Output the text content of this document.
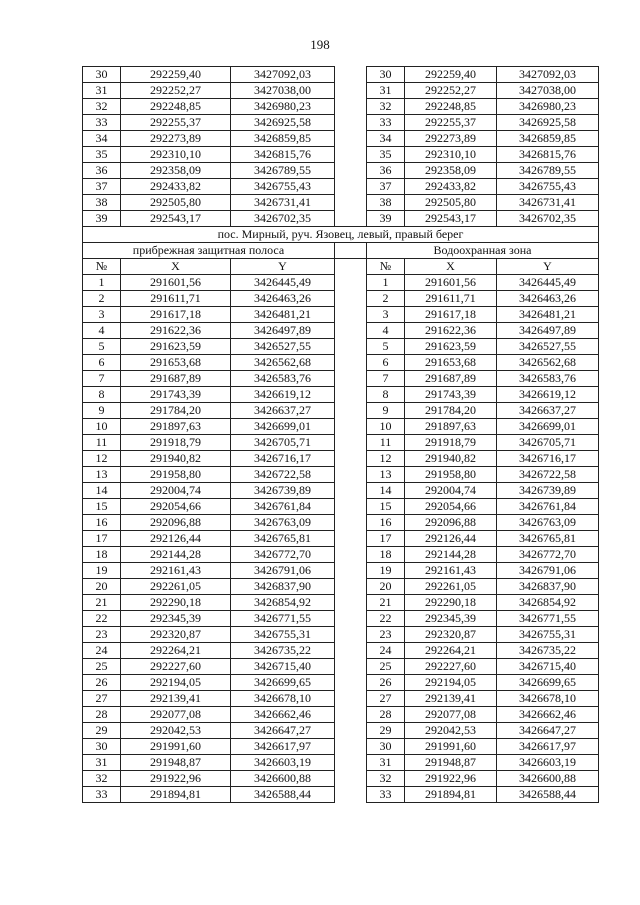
198
30	292259,40	3427092,03		30	292259,40	3427092,03
31	292252,27	3427038,00		31	292252,27	3427038,00
32	292248,85	3426980,23		32	292248,85	3426980,23
33	292255,37	3426925,58		33	292255,37	3426925,58
34	292273,89	3426859,85		34	292273,89	3426859,85
35	292310,10	3426815,76		35	292310,10	3426815,76
36	292358,09	3426789,55		36	292358,09	3426789,55
37	292433,82	3426755,43		37	292433,82	3426755,43
38	292505,80	3426731,41		38	292505,80	3426731,41
39	292543,17	3426702,35		39	292543,17	3426702,35
пос. Мирный, руч. Язовец, левый, правый берег						
прибрежная защитная полоса				Водоохранная зона		
№	X	Y		№	X	Y
1	291601,56	3426445,49		1	291601,56	3426445,49
2	291611,71	3426463,26		2	291611,71	3426463,26
3	291617,18	3426481,21		3	291617,18	3426481,21
4	291622,36	3426497,89		4	291622,36	3426497,89
5	291623,59	3426527,55		5	291623,59	3426527,55
6	291653,68	3426562,68		6	291653,68	3426562,68
7	291687,89	3426583,76		7	291687,89	3426583,76
8	291743,39	3426619,12		8	291743,39	3426619,12
9	291784,20	3426637,27		9	291784,20	3426637,27
10	291897,63	3426699,01		10	291897,63	3426699,01
11	291918,79	3426705,71		11	291918,79	3426705,71
12	291940,82	3426716,17		12	291940,82	3426716,17
13	291958,80	3426722,58		13	291958,80	3426722,58
14	292004,74	3426739,89		14	292004,74	3426739,89
15	292054,66	3426761,84		15	292054,66	3426761,84
16	292096,88	3426763,09		16	292096,88	3426763,09
17	292126,44	3426765,81		17	292126,44	3426765,81
18	292144,28	3426772,70		18	292144,28	3426772,70
19	292161,43	3426791,06		19	292161,43	3426791,06
20	292261,05	3426837,90		20	292261,05	3426837,90
21	292290,18	3426854,92		21	292290,18	3426854,92
22	292345,39	3426771,55		22	292345,39	3426771,55
23	292320,87	3426755,31		23	292320,87	3426755,31
24	292264,21	3426735,22		24	292264,21	3426735,22
25	292227,60	3426715,40		25	292227,60	3426715,40
26	292194,05	3426699,65		26	292194,05	3426699,65
27	292139,41	3426678,10		27	292139,41	3426678,10
28	292077,08	3426662,46		28	292077,08	3426662,46
29	292042,53	3426647,27		29	292042,53	3426647,27
30	291991,60	3426617,97		30	291991,60	3426617,97
31	291948,87	3426603,19		31	291948,87	3426603,19
32	291922,96	3426600,88		32	291922,96	3426600,88
33	291894,81	3426588,44		33	291894,81	3426588,44
